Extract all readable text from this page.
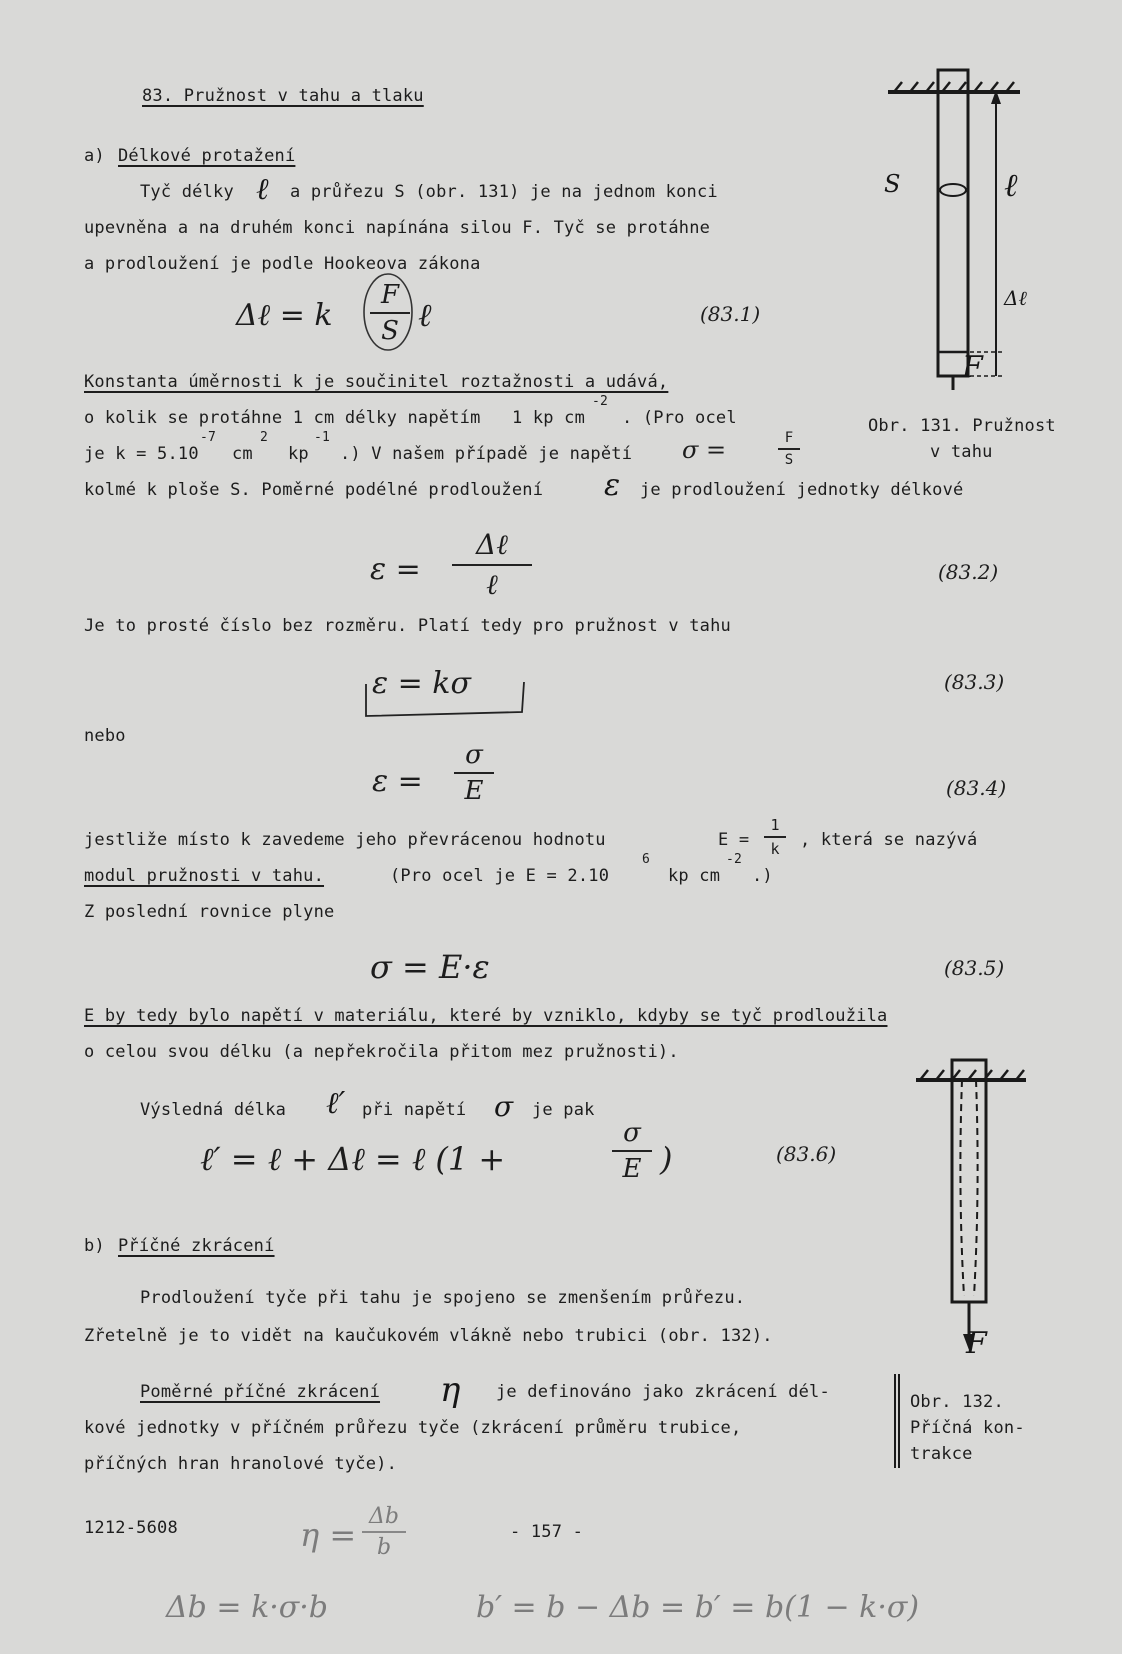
83. Pružnost v tahu a tlaku
a) Délkové protažení
Tyč délky ℓ a průřezu S (obr. 131) je na jednom konci
upevněna a na druhém konci napínána silou F. Tyč se protáhne
a prodloužení je podle Hookeova zákona
Δℓ = k
F
S ℓ	(83.1)
Konstanta úměrnosti k je součinitel roztažnosti a udává,
o kolik se protáhne 1 cm délky napětím 1 kp cm
-2
. (Pro ocel
je k = 5.10
-7
cm
2
kp
-1
.) V našem případě je napětí σ =	F
S
kolmé k ploše S. Poměrné podélné prodloužení ε je prodloužení jednotky délkové
ε =
Δℓ
ℓ	(83.2)
Je to prosté číslo bez rozměru. Platí tedy pro pružnost v tahu
ε = kσ	(83.3)
nebo
ε =
σ
E	(83.4)
jestliže místo k zavedeme jeho převrácenou hodnotu	E =
1
k , která se nazývá
modul pružnosti v tahu.	(Pro ocel je E = 2.10
6
kp cm
-2
.)
Z poslední rovnice plyne
σ = E·ε	(83.5)
E by tedy bylo napětí v materiálu, které by vzniklo, kdyby se tyč prodloužila
o celou svou délku (a nepřekročila přitom mez pružnosti).
Výsledná délka ℓ′ při napětí σ je pak
ℓ′ = ℓ + Δℓ = ℓ (1 +
σ
E )	(83.6)
b) Příčné zkrácení
Prodloužení tyče při tahu je spojeno se zmenšením průřezu.
Zřetelně je to vidět na kaučukovém vlákně nebo trubici (obr. 132).
Poměrné příčné zkrácení η je definováno jako zkrácení dél-
kové jednotky v příčném průřezu tyče (zkrácení průměru trubice,
příčných hran hranolové tyče).
S	ℓ
Δℓ
F
Obr. 131. Pružnost
v tahu
F
Obr. 132.
Příčná kon-
trakce
1212-5608	- 157 -
η = Δb
b
Δb = k·σ·b	b′ = b − Δb = b′ = b(1 − k·σ)
